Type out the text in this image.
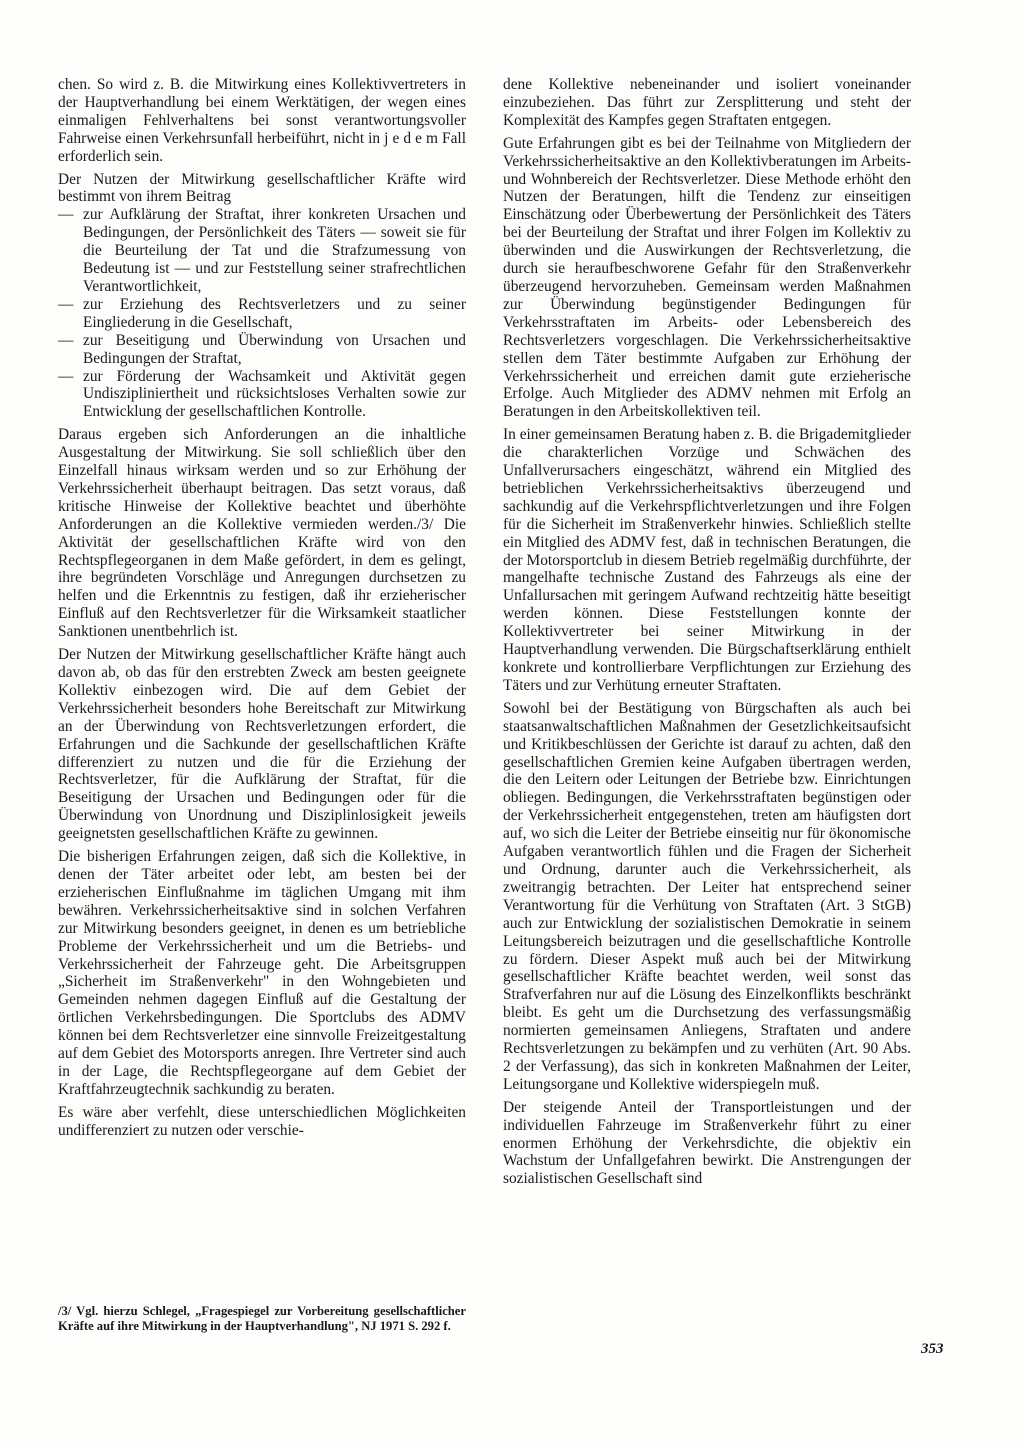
chen. So wird z. B. die Mitwirkung eines Kollektivvertreters in der Hauptverhandlung bei einem Werktätigen, der wegen eines einmaligen Fehlverhaltens bei sonst verantwortungsvoller Fahrweise einen Verkehrsunfall herbeiführt, nicht in j e d e m Fall erforderlich sein.

Der Nutzen der Mitwirkung gesellschaftlicher Kräfte wird bestimmt von ihrem Beitrag

— zur Aufklärung der Straftat, ihrer konkreten Ursachen und Bedingungen, der Persönlichkeit des Täters — soweit sie für die Beurteilung der Tat und die Strafzumessung von Bedeutung ist — und zur Feststellung seiner strafrechtlichen Verantwortlichkeit,
— zur Erziehung des Rechtsverletzers und zu seiner Eingliederung in die Gesellschaft,
— zur Beseitigung und Überwindung von Ursachen und Bedingungen der Straftat,
— zur Förderung der Wachsamkeit und Aktivität gegen Undiszipliniertheit und rücksichtsloses Verhalten sowie zur Entwicklung der gesellschaftlichen Kontrolle.

Daraus ergeben sich Anforderungen an die inhaltliche Ausgestaltung der Mitwirkung. Sie soll schließlich über den Einzelfall hinaus wirksam werden und so zur Erhöhung der Verkehrssicherheit überhaupt beitragen. Das setzt voraus, daß kritische Hinweise der Kollektive beachtet und überhöhte Anforderungen an die Kollektive vermieden werden./3/ Die Aktivität der gesellschaftlichen Kräfte wird von den Rechtspflegeorganen in dem Maße gefördert, in dem es gelingt, ihre begründeten Vorschläge und Anregungen durchsetzen zu helfen und die Erkenntnis zu festigen, daß ihr erzieherischer Einfluß auf den Rechtsverletzer für die Wirksamkeit staatlicher Sanktionen unentbehrlich ist.

Der Nutzen der Mitwirkung gesellschaftlicher Kräfte hängt auch davon ab, ob das für den erstrebten Zweck am besten geeignete Kollektiv einbezogen wird. Die auf dem Gebiet der Verkehrssicherheit besonders hohe Bereitschaft zur Mitwirkung an der Überwindung von Rechtsverletzungen erfordert, die Erfahrungen und die Sachkunde der gesellschaftlichen Kräfte differenziert zu nutzen und die für die Erziehung der Rechtsverletzer, für die Aufklärung der Straftat, für die Beseitigung der Ursachen und Bedingungen oder für die Überwindung von Unordnung und Disziplinlosigkeit jeweils geeignetsten gesellschaftlichen Kräfte zu gewinnen.

Die bisherigen Erfahrungen zeigen, daß sich die Kollektive, in denen der Täter arbeitet oder lebt, am besten bei der erzieherischen Einflußnahme im täglichen Umgang mit ihm bewähren. Verkehrssicherheitsaktive sind in solchen Verfahren zur Mitwirkung besonders geeignet, in denen es um betriebliche Probleme der Verkehrssicherheit und um die Betriebs- und Verkehrssicherheit der Fahrzeuge geht. Die Arbeitsgruppen „Sicherheit im Straßenverkehr" in den Wohngebieten und Gemeinden nehmen dagegen Einfluß auf die Gestaltung der örtlichen Verkehrsbedingungen. Die Sportclubs des ADMV können bei dem Rechtsverletzer eine sinnvolle Freizeitgestaltung auf dem Gebiet des Motorsports anregen. Ihre Vertreter sind auch in der Lage, die Rechtspflegeorgane auf dem Gebiet der Kraftfahrzeugtechnik sachkundig zu beraten.

Es wäre aber verfehlt, diese unterschiedlichen Möglichkeiten undifferenziert zu nutzen oder verschie-

/3/ Vgl. hierzu Schlegel, „Fragespiegel zur Vorbereitung gesellschaftlicher Kräfte auf ihre Mitwirkung in der Hauptverhandlung", NJ 1971 S. 292 f.

dene Kollektive nebeneinander und isoliert voneinander einzubeziehen. Das führt zur Zersplitterung und steht der Komplexität des Kampfes gegen Straftaten entgegen.

Gute Erfahrungen gibt es bei der Teilnahme von Mitgliedern der Verkehrssicherheitsaktive an den Kollektivberatungen im Arbeits- und Wohnbereich der Rechtsverletzer. Diese Methode erhöht den Nutzen der Beratungen, hilft die Tendenz zur einseitigen Einschätzung oder Überbewertung der Persönlichkeit des Täters bei der Beurteilung der Straftat und ihrer Folgen im Kollektiv zu überwinden und die Auswirkungen der Rechtsverletzung, die durch sie heraufbeschworene Gefahr für den Straßenverkehr überzeugend hervorzuheben. Gemeinsam werden Maßnahmen zur Überwindung begünstigender Bedingungen für Verkehrsstraftaten im Arbeits- oder Lebensbereich des Rechtsverletzers vorgeschlagen. Die Verkehrssicherheitsaktive stellen dem Täter bestimmte Aufgaben zur Erhöhung der Verkehrssicherheit und erreichen damit gute erzieherische Erfolge. Auch Mitglieder des ADMV nehmen mit Erfolg an Beratungen in den Arbeitskollektiven teil.

In einer gemeinsamen Beratung haben z. B. die Brigademitglieder die charakterlichen Vorzüge und Schwächen des Unfallverursachers eingeschätzt, während ein Mitglied des betrieblichen Verkehrssicherheitsaktivs überzeugend und sachkundig auf die Verkehrspflichtverletzungen und ihre Folgen für die Sicherheit im Straßenverkehr hinwies. Schließlich stellte ein Mitglied des ADMV fest, daß in technischen Beratungen, die der Motorsportclub in diesem Betrieb regelmäßig durchführte, der mangelhafte technische Zustand des Fahrzeugs als eine der Unfallursachen mit geringem Aufwand rechtzeitig hätte beseitigt werden können. Diese Feststellungen konnte der Kollektivvertreter bei seiner Mitwirkung in der Hauptverhandlung verwenden. Die Bürgschaftserklärung enthielt konkrete und kontrollierbare Verpflichtungen zur Erziehung des Täters und zur Verhütung erneuter Straftaten.

Sowohl bei der Bestätigung von Bürgschaften als auch bei staatsanwaltschaftlichen Maßnahmen der Gesetzlichkeitsaufsicht und Kritikbeschlüssen der Gerichte ist darauf zu achten, daß den gesellschaftlichen Gremien keine Aufgaben übertragen werden, die den Leitern oder Leitungen der Betriebe bzw. Einrichtungen obliegen. Bedingungen, die Verkehrsstraftaten begünstigen oder der Verkehrssicherheit entgegenstehen, treten am häufigsten dort auf, wo sich die Leiter der Betriebe einseitig nur für ökonomische Aufgaben verantwortlich fühlen und die Fragen der Sicherheit und Ordnung, darunter auch die Verkehrssicherheit, als zweitrangig betrachten. Der Leiter hat entsprechend seiner Verantwortung für die Verhütung von Straftaten (Art. 3 StGB) auch zur Entwicklung der sozialistischen Demokratie in seinem Leitungsbereich beizutragen und die gesellschaftliche Kontrolle zu fördern. Dieser Aspekt muß auch bei der Mitwirkung gesellschaftlicher Kräfte beachtet werden, weil sonst das Strafverfahren nur auf die Lösung des Einzelkonflikts beschränkt bleibt. Es geht um die Durchsetzung des verfassungsmäßig normierten gemeinsamen Anliegens, Straftaten und andere Rechtsverletzungen zu bekämpfen und zu verhüten (Art. 90 Abs. 2 der Verfassung), das sich in konkreten Maßnahmen der Leiter, Leitungsorgane und Kollektive widerspiegeln muß.

Der steigende Anteil der Transportleistungen und der individuellen Fahrzeuge im Straßenverkehr führt zu einer enormen Erhöhung der Verkehrsdichte, die objektiv ein Wachstum der Unfallgefahren bewirkt. Die Anstrengungen der sozialistischen Gesellschaft sind

353
